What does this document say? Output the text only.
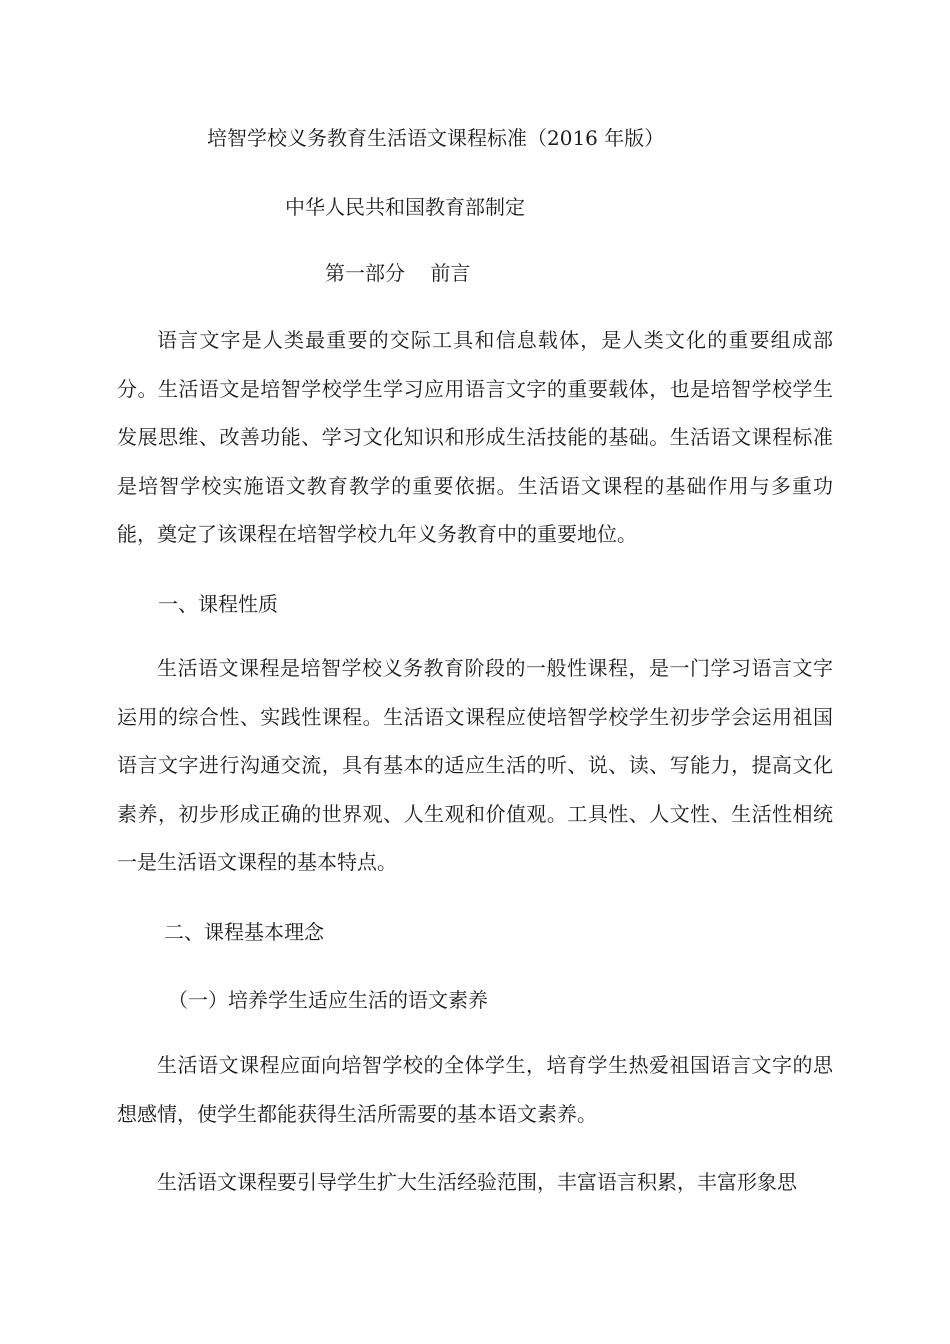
培智学校义务教育生活语文课程标准（2016 年版）
中华人民共和国教育部制定
第一部分    前言
语言文字是人类最重要的交际工具和信息载体，是人类文化的重要组成部分。生活语文是培智学校学生学习应用语言文字的重要载体，也是培智学校学生发展思维、改善功能、学习文化知识和形成生活技能的基础。生活语文课程标准是培智学校实施语文教育教学的重要依据。生活语文课程的基础作用与多重功能，奠定了该课程在培智学校九年义务教育中的重要地位。
一、课程性质
生活语文课程是培智学校义务教育阶段的一般性课程，是一门学习语言文字运用的综合性、实践性课程。生活语文课程应使培智学校学生初步学会运用祖国语言文字进行沟通交流，具有基本的适应生活的听、说、读、写能力，提高文化素养，初步形成正确的世界观、人生观和价值观。工具性、人文性、生活性相统一是生活语文课程的基本特点。
二、课程基本理念
（一）培养学生适应生活的语文素养
生活语文课程应面向培智学校的全体学生，培育学生热爱祖国语言文字的思想感情，使学生都能获得生活所需要的基本语文素养。
生活语文课程要引导学生扩大生活经验范围，丰富语言积累，丰富形象思
